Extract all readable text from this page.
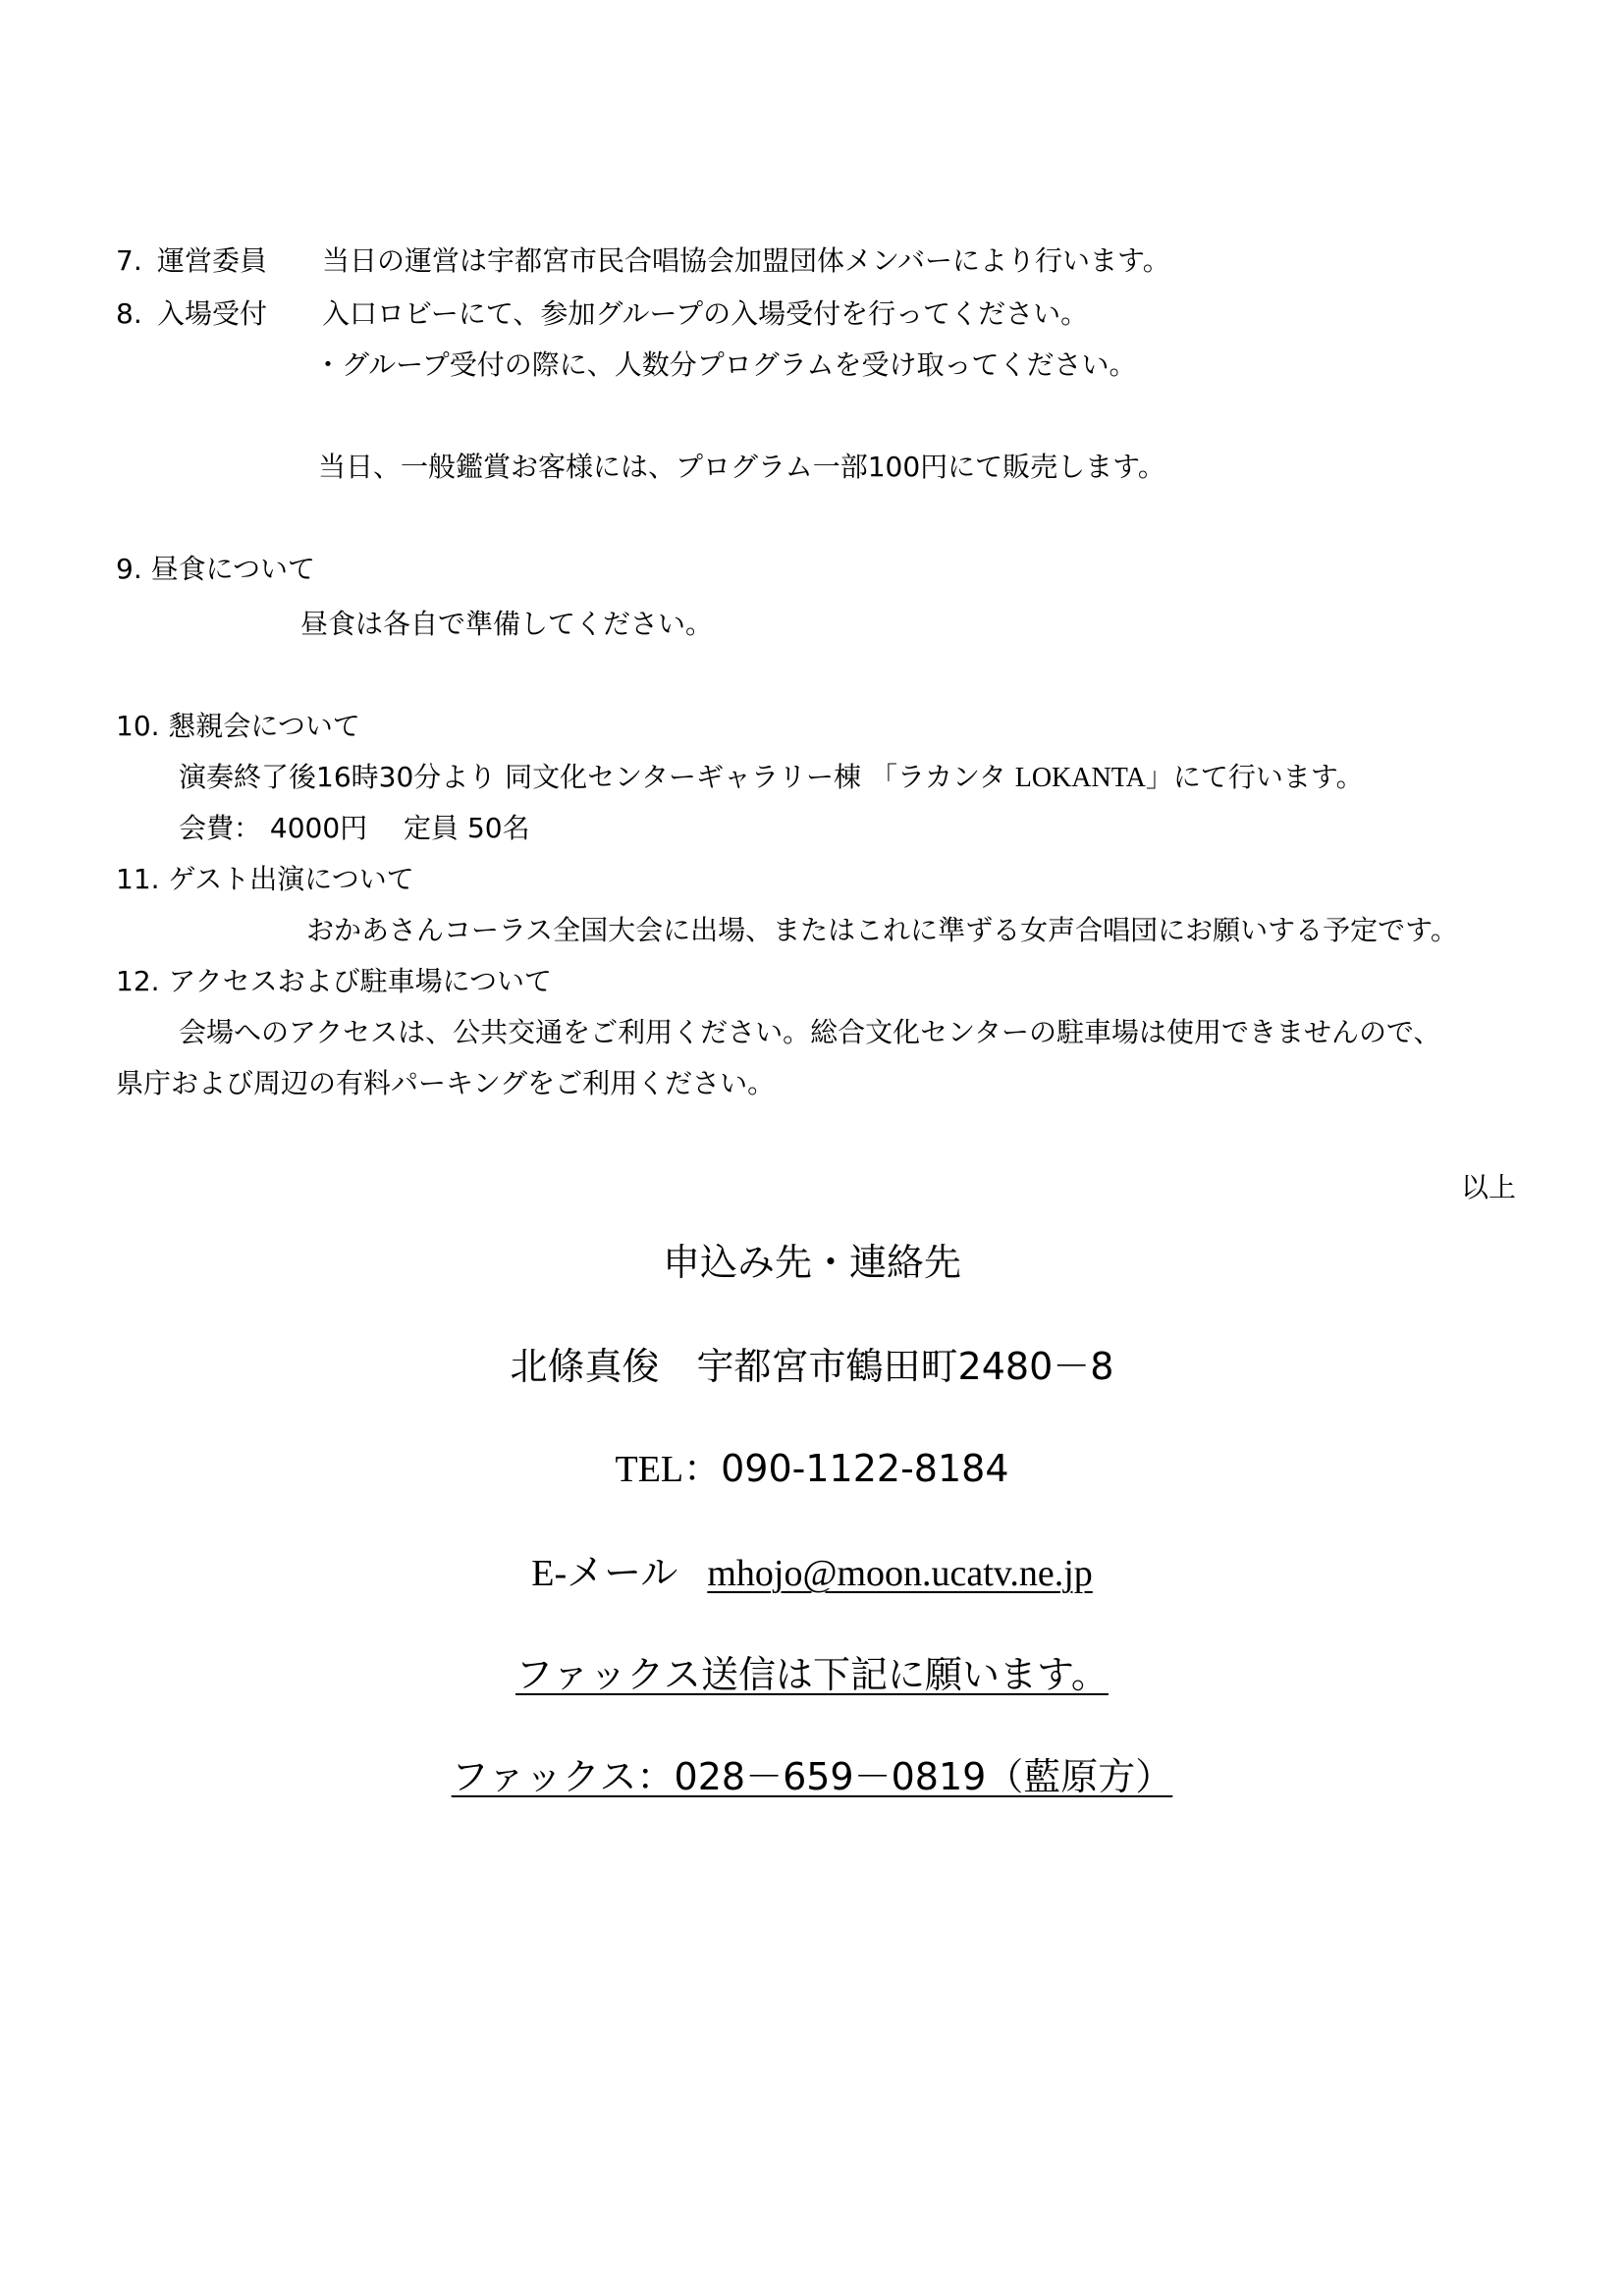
7. 運営委員 当日の運営は宇都宮市民合唱協会加盟団体メンバーにより行います。
8. 入場受付 入口ロビーにて、参加グループの入場受付を行ってください。
・グループ受付の際に、人数分プログラムを受け取ってください。
当日、一般鑑賞お客様には、プログラム一部100円にて販売します。
9. 昼食について
昼食は各自で準備してください。
10. 懇親会について
演奏終了後16時30分より 同文化センターギャラリー棟 「ラカンタ LOKANTA」にて行います。
会費： 4000円　 定員 50名
11. ゲスト出演について
おかあさんコーラス全国大会に出場、またはこれに準ずる女声合唱団にお願いする予定です。
12. アクセスおよび駐車場について
会場へのアクセスは、公共交通をご利用ください。総合文化センターの駐車場は使用できませんので、
県庁および周辺の有料パーキングをご利用ください。
以上
申込み先・連絡先
北條真俊　宇都宮市鶴田町2480－8
TEL：090-1122-8184
E-メール mhojo@moon.ucatv.ne.jp
ファックス送信は下記に願います。
ファックス：028－659－0819（藍原方）
